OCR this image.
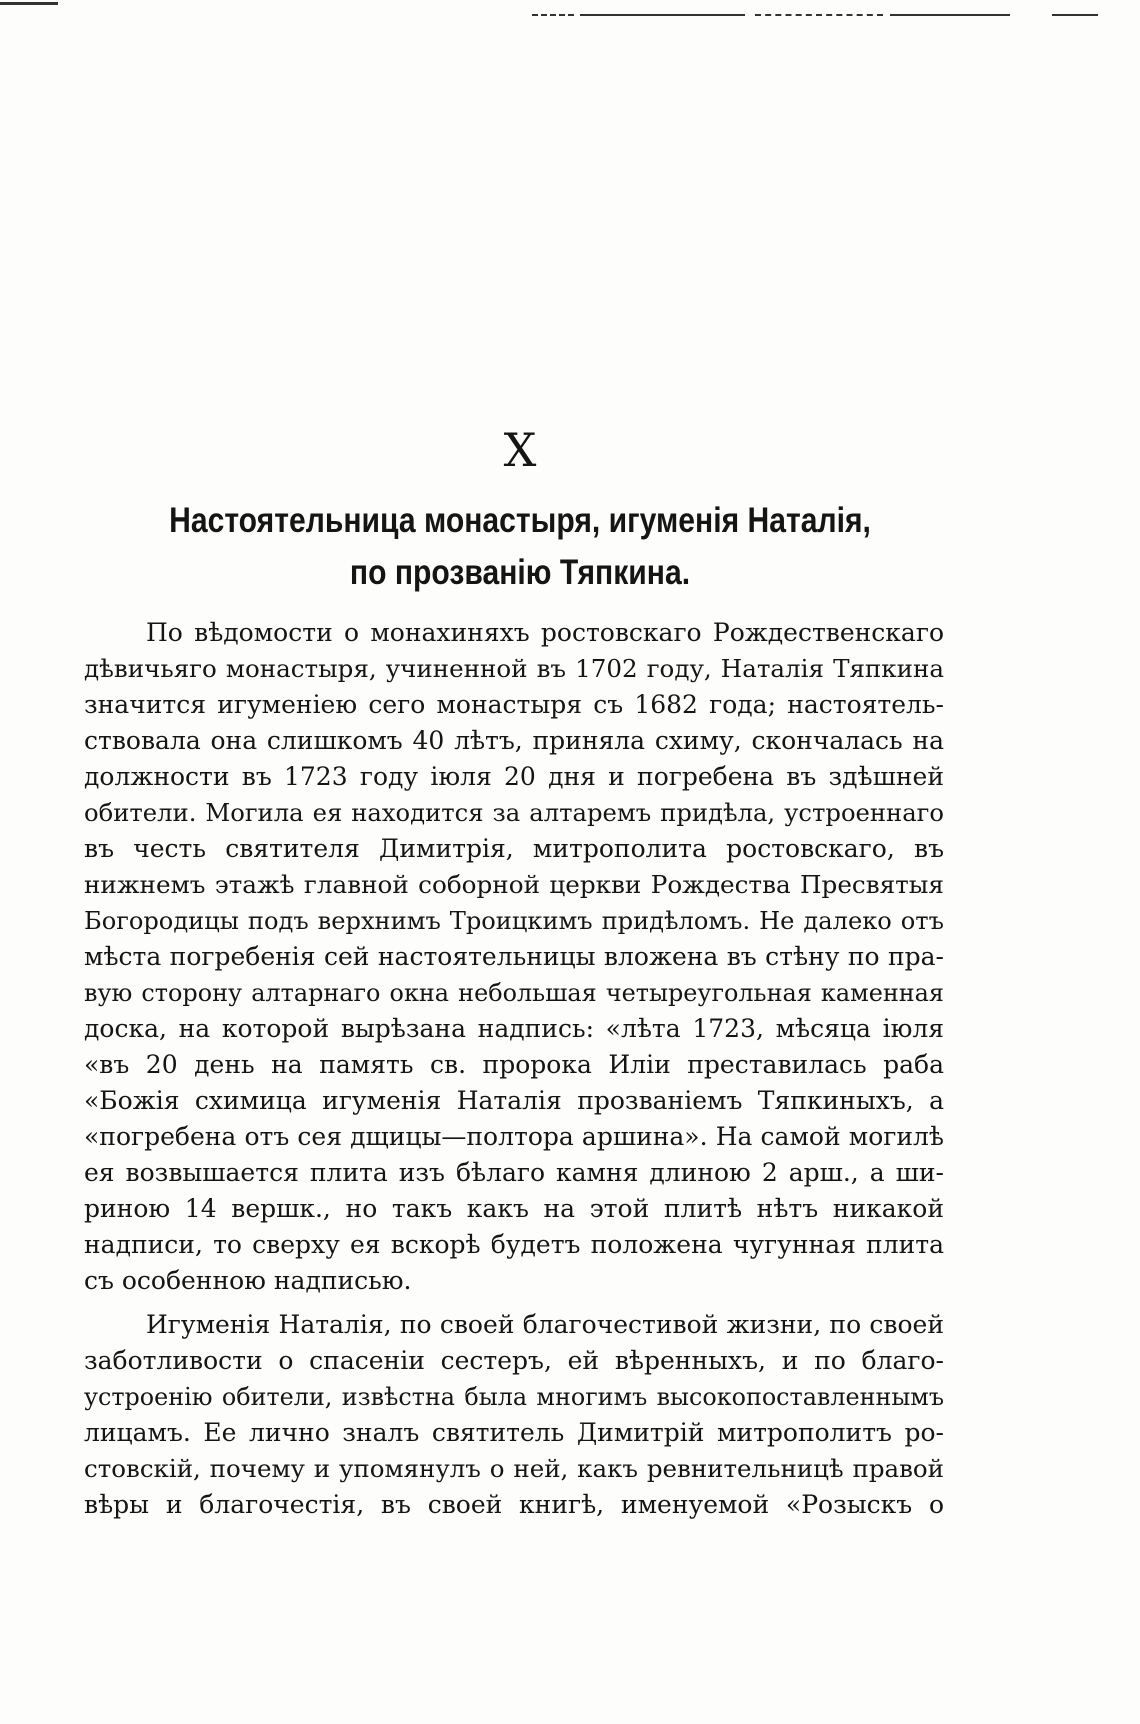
X
Настоятельница монастыря, игуменія Наталія, по прозванію Тяпкина.

По вѣдомости о монахиняхъ ростовскаго Рождественскаго
дѣвичьяго монастыря, учиненной въ 1702 году, Наталія Тяпкина
значится игуменіею сего монастыря съ 1682 года; настоятель-
ствовала она слишкомъ 40 лѣтъ, приняла схиму, скончалась на
должности въ 1723 году іюля 20 дня и погребена въ здѣшней
обители. Могила ея находится за алтаремъ придѣла, устроеннаго
въ честь святителя Димитрія, митрополита ростовскаго, въ
нижнемъ этажѣ главной соборной церкви Рождества Пресвятыя
Богородицы подъ верхнимъ Троицкимъ придѣломъ. Не далеко отъ
мѣста погребенія сей настоятельницы вложена въ стѣну по пра-
вую сторону алтарнаго окна небольшая четыреугольная каменная
доска, на которой вырѣзана надпись: «лѣта 1723, мѣсяца іюля
«въ 20 день на память св. пророка Иліи преставилась раба
«Божія схимица игуменія Наталія прозваніемъ Тяпкиныхъ, а
«погребена отъ сея дщицы—полтора аршина». На самой могилѣ
ея возвышается плита изъ бѣлаго камня длиною 2 арш., а ши-
риною 14 вершк., но такъ какъ на этой плитѣ нѣтъ никакой
надписи, то сверху ея вскорѣ будетъ положена чугунная плита
съ особенною надписью.

Игуменія Наталія, по своей благочестивой жизни, по своей
заботливости о спасеніи сестеръ, ей вѣренныхъ, и по благо-
устроенію обители, извѣстна была многимъ высокопоставленнымъ
лицамъ. Ее лично зналъ святитель Димитрій митрополитъ ро-
стовскій, почему и упомянулъ о ней, какъ ревнительницѣ правой
вѣры и благочестія, въ своей книгѣ, именуемой «Розыскъ о
